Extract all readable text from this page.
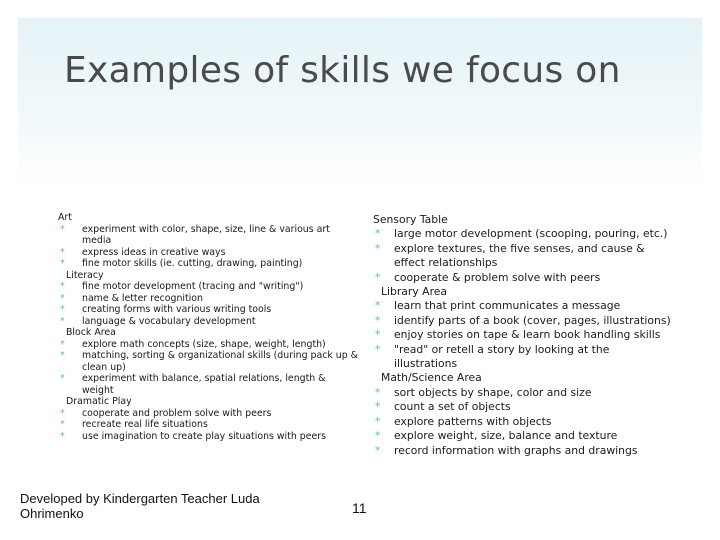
Examples of skills we focus on
Art
* experiment with color, shape, size, line & various art media
* express ideas in creative ways
* fine motor skills (ie. cutting, drawing, painting)
Literacy
* fine motor development (tracing and "writing")
* name & letter recognition
* creating forms with various writing tools
* language & vocabulary development
Block Area
* explore math concepts (size, shape, weight, length)
* matching, sorting & organizational skills (during pack up & clean up)
* experiment with balance, spatial relations, length & weight
Dramatic Play
* cooperate and problem solve with peers
* recreate real life situations
* use imagination to create play situations with peers
Sensory Table
* large motor development (scooping, pouring, etc.)
* explore textures, the five senses, and cause & effect relationships
* cooperate & problem solve with peers
Library Area
* learn that print communicates a message
* identify parts of a book (cover, pages, illustrations)
* enjoy stories on tape & learn book handling skills
* "read" or retell a story by looking at the illustrations
Math/Science Area
* sort objects by shape, color and size
* count a set of objects
* explore patterns with objects
* explore weight, size, balance and texture
* record information with graphs and drawings
Developed by Kindergarten Teacher Luda Ohrimenko	11
